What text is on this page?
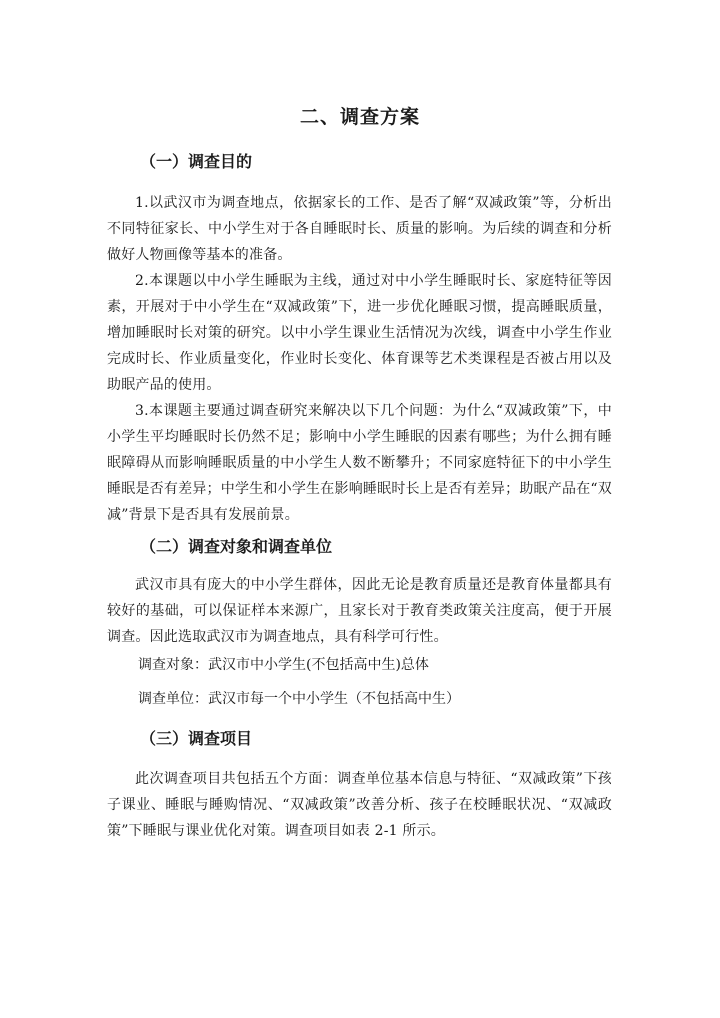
二、调查方案
（一）调查目的

1.以武汉市为调查地点，依据家长的工作、是否了解“双减政策”等，分析出不同特征家长、中小学生对于各自睡眠时长、质量的影响。为后续的调查和分析做好人物画像等基本的准备。

2.本课题以中小学生睡眠为主线，通过对中小学生睡眠时长、家庭特征等因素，开展对于中小学生在“双减政策”下，进一步优化睡眠习惯，提高睡眠质量，增加睡眠时长对策的研究。以中小学生课业生活情况为次线，调查中小学生作业完成时长、作业质量变化，作业时长变化、体育课等艺术类课程是否被占用以及助眠产品的使用。

3.本课题主要通过调查研究来解决以下几个问题：为什么“双减政策”下，中小学生平均睡眠时长仍然不足；影响中小学生睡眠的因素有哪些；为什么拥有睡眠障碍从而影响睡眠质量的中小学生人数不断攀升；不同家庭特征下的中小学生睡眠是否有差异；中学生和小学生在影响睡眠时长上是否有差异；助眠产品在“双减”背景下是否具有发展前景。

（二）调查对象和调查单位

武汉市具有庞大的中小学生群体，因此无论是教育质量还是教育体量都具有较好的基础，可以保证样本来源广，且家长对于教育类政策关注度高，便于开展调查。因此选取武汉市为调查地点，具有科学可行性。

调查对象：武汉市中小学生(不包括高中生)总体
调查单位：武汉市每一个中小学生（不包括高中生）
（三）调查项目

此次调查项目共包括五个方面：调查单位基本信息与特征、“双减政策”下孩子课业、睡眠与睡购情况、“双减政策”改善分析、孩子在校睡眠状况、“双减政策”下睡眠与课业优化对策。调查项目如表 2-1 所示。
